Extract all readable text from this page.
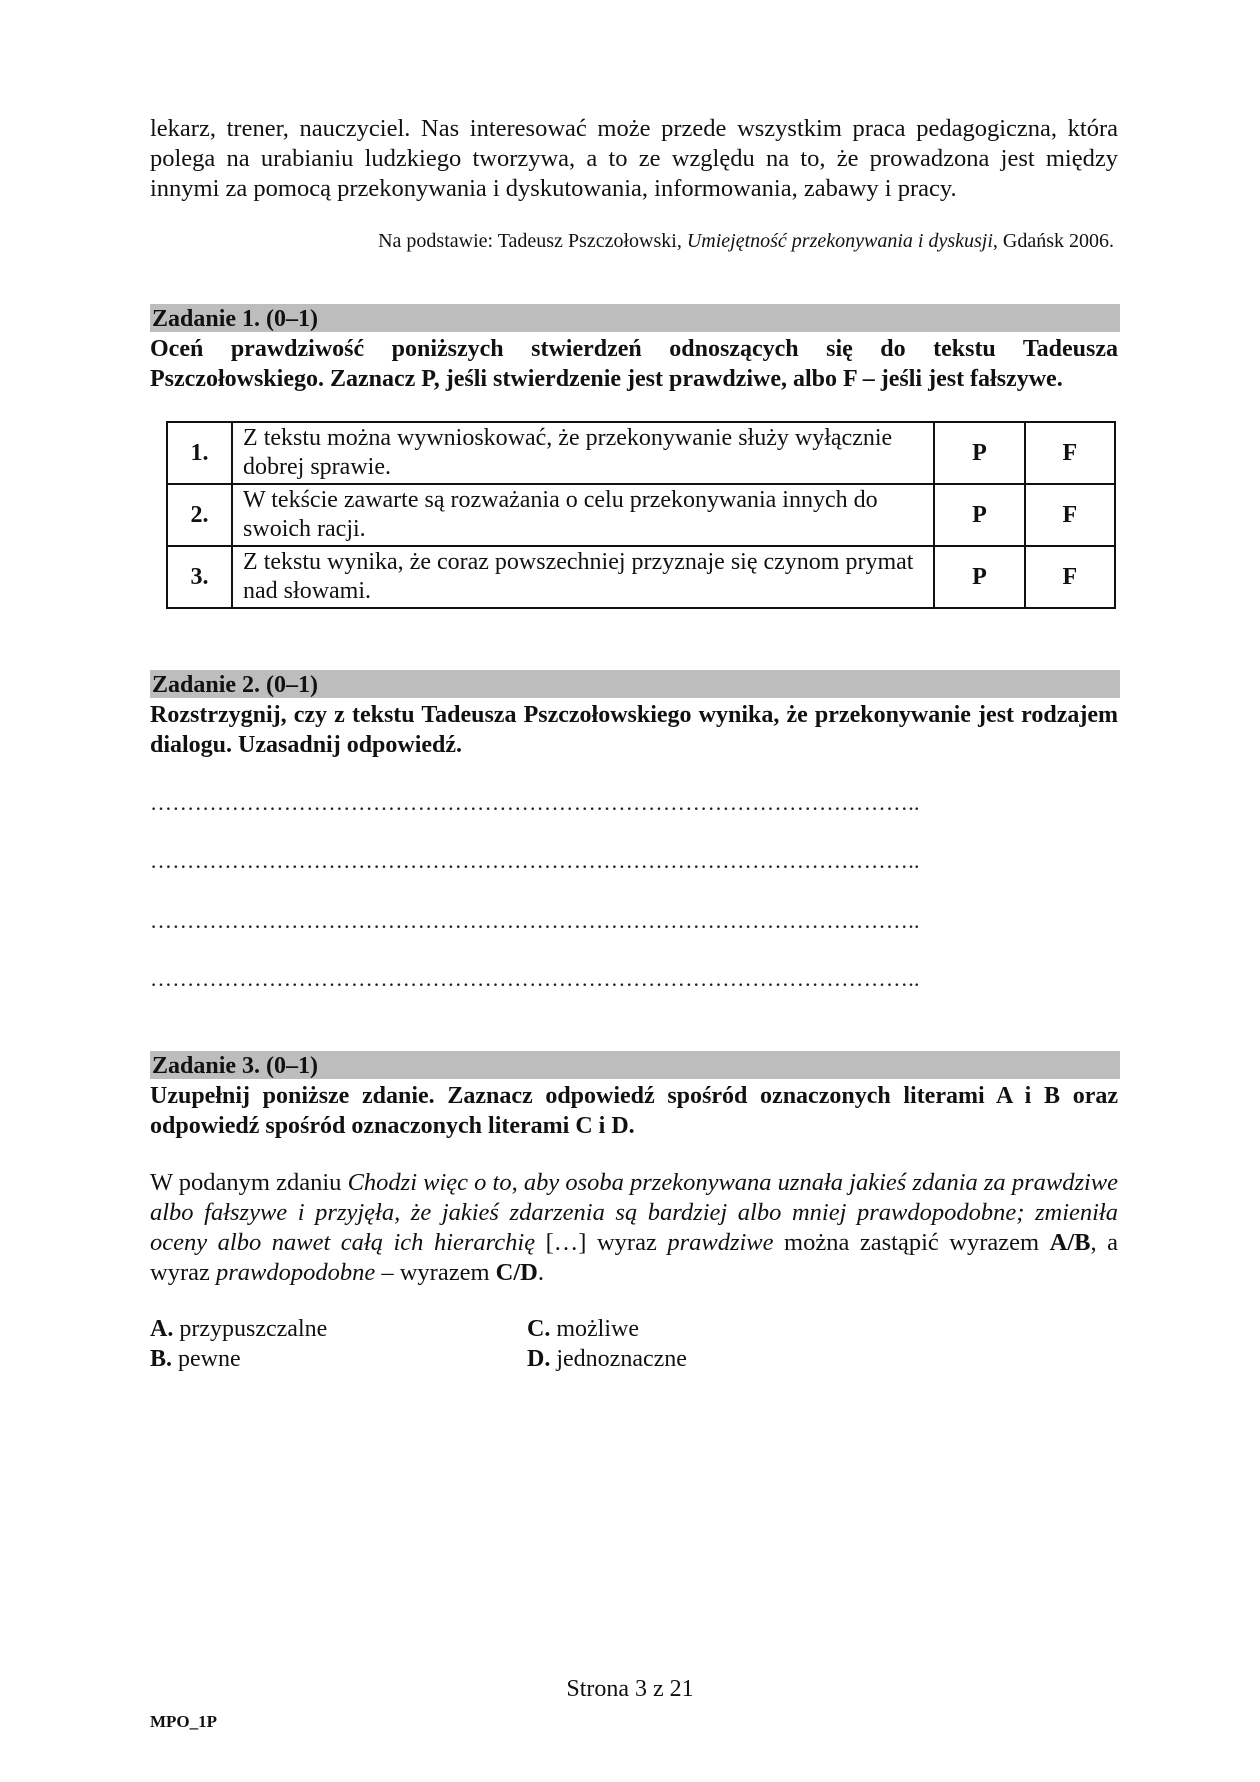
lekarz, trener, nauczyciel. Nas interesować może przede wszystkim praca pedagogiczna, która polega na urabianiu ludzkiego tworzywa, a to ze względu na to, że prowadzona jest między innymi za pomocą przekonywania i dyskutowania, informowania, zabawy i pracy.
Na podstawie: Tadeusz Pszczołowski, Umiejętność przekonywania i dyskusji, Gdańsk 2006.
Zadanie 1. (0–1)
Oceń prawdziwość poniższych stwierdzeń odnoszących się do tekstu Tadeusza Pszczołowskiego. Zaznacz P, jeśli stwierdzenie jest prawdziwe, albo F – jeśli jest fałszywe.
1.	Z tekstu można wywnioskować, że przekonywanie służy wyłącznie dobrej sprawie.	P	F
2.	W tekście zawarte są rozważania o celu przekonywania innych do swoich racji.	P	F
3.	Z tekstu wynika, że coraz powszechniej przyznaje się czynom prymat nad słowami.	P	F
Zadanie 2. (0–1)
Rozstrzygnij, czy z tekstu Tadeusza Pszczołowskiego wynika, że przekonywanie jest rodzajem dialogu. Uzasadnij odpowiedź.
…………………………………………………………………………………………..
…………………………………………………………………………………………..
…………………………………………………………………………………………..
…………………………………………………………………………………………..
Zadanie 3. (0–1)
Uzupełnij poniższe zdanie. Zaznacz odpowiedź spośród oznaczonych literami A i B oraz odpowiedź spośród oznaczonych literami C i D.
W podanym zdaniu Chodzi więc o to, aby osoba przekonywana uznała jakieś zdania za prawdziwe albo fałszywe i przyjęła, że jakieś zdarzenia są bardziej albo mniej prawdopodobne; zmieniła oceny albo nawet całą ich hierarchię […] wyraz prawdziwe można zastąpić wyrazem A/B, a wyraz prawdopodobne – wyrazem C/D.
A. przypuszczalne
B. pewne
C. możliwe
D. jednoznaczne
Strona 3 z 21
MPO_1P
